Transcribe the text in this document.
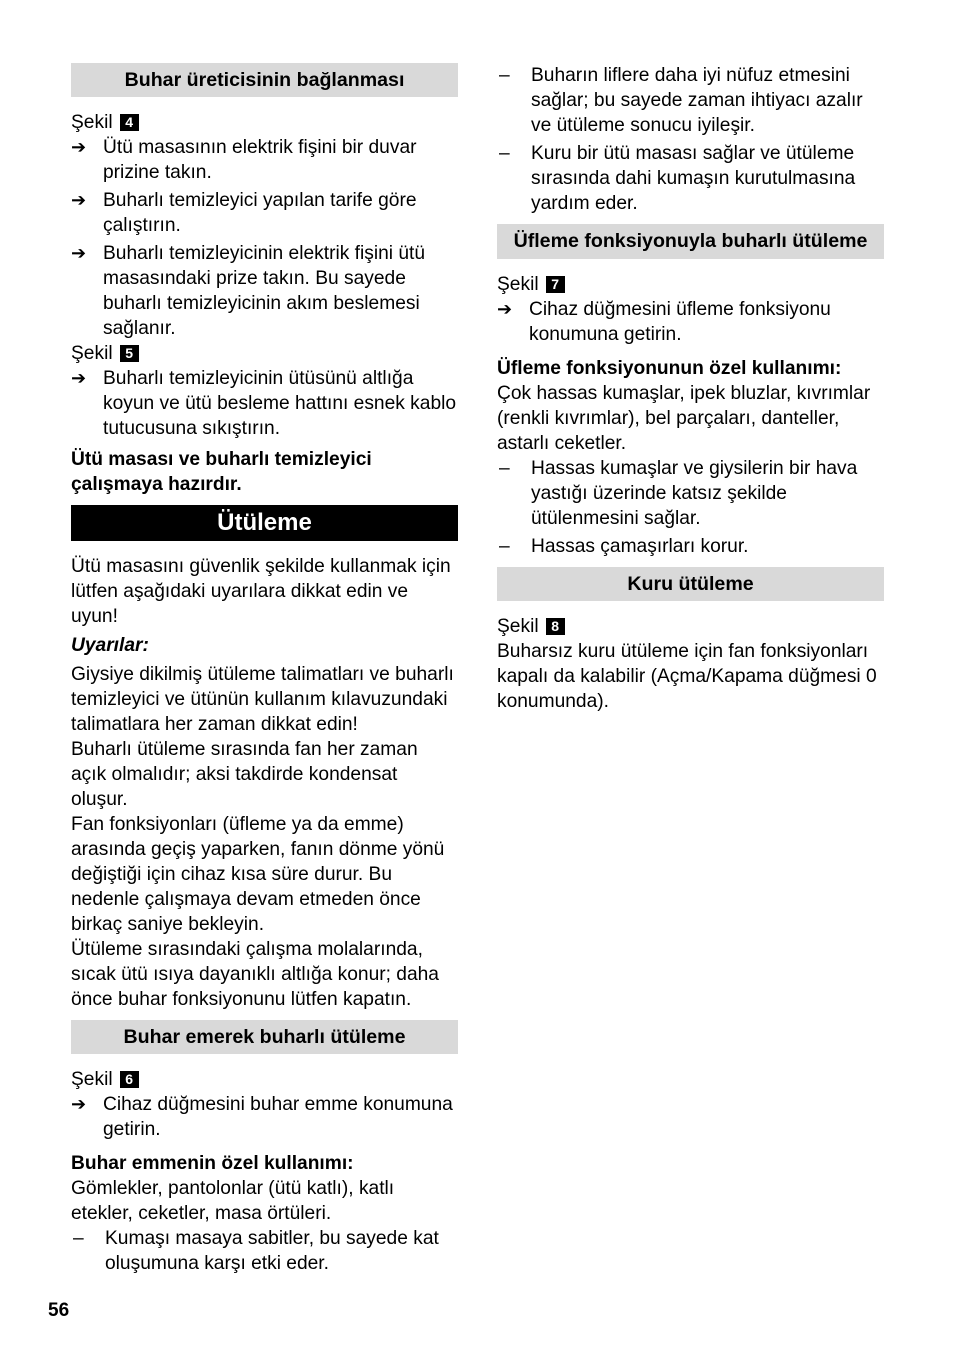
Buhar üreticisinin bağlanması
Şekil 4
➔ Ütü masasının elektrik fişini bir duvar prizine takın.
➔ Buharlı temizleyici yapılan tarife göre çalıştırın.
➔ Buharlı temizleyicinin elektrik fişini ütü masasındaki prize takın. Bu sayede buharlı temizleyicinin akım beslemesi sağlanır.
Şekil 5
➔ Buharlı temizleyicinin ütüsünü altlığa koyun ve ütü besleme hattını esnek kablo tutucusuna sıkıştırın.
Ütü masası ve buharlı temizleyici çalışmaya hazırdır.
Ütüleme
Ütü masasını güvenlik şekilde kullanmak için lütfen aşağıdaki uyarılara dikkat edin ve uyun!
Uyarılar:
Giysiye dikilmiş ütüleme talimatları ve buharlı temizleyici ve ütünün kullanım kılavuzundaki talimatlara her zaman dikkat edin!
Buharlı ütüleme sırasında fan her zaman açık olmalıdır; aksi takdirde kondensat oluşur.
Fan fonksiyonları (üfleme ya da emme) arasında geçiş yaparken, fanın dönme yönü değiştiği için cihaz kısa süre durur. Bu nedenle çalışmaya devam etmeden önce birkaç saniye bekleyin.
Ütüleme sırasındaki çalışma molalarında, sıcak ütü ısıya dayanıklı altlığa konur; daha önce buhar fonksiyonunu lütfen kapatın.
Buhar emerek buharlı ütüleme
Şekil 6
➔ Cihaz düğmesini buhar emme konumuna getirin.
Buhar emmenin özel kullanımı:
Gömlekler, pantolonlar (ütü katlı), katlı etekler, ceketler, masa örtüleri.
–	Kumaşı masaya sabitler, bu sayede kat oluşumuna karşı etki eder.
–	Buharın liflere daha iyi nüfuz etmesini sağlar; bu sayede zaman ihtiyacı azalır ve ütüleme sonucu iyileşir.
–	Kuru bir ütü masası sağlar ve ütüleme sırasında dahi kumaşın kurutulmasına yardım eder.
Üfleme fonksiyonuyla buharlı ütüleme
Şekil 7
➔ Cihaz düğmesini üfleme fonksiyonu konumuna getirin.
Üfleme fonksiyonunun özel kullanımı:
Çok hassas kumaşlar, ipek bluzlar, kıvrımlar (renkli kıvrımlar), bel parçaları, danteller, astarlı ceketler.
–	Hassas kumaşlar ve giysilerin bir hava yastığı üzerinde katsız şekilde ütülenmesini sağlar.
–	Hassas çamaşırları korur.
Kuru ütüleme
Şekil 8
Buharsız kuru ütüleme için fan fonksiyonları kapalı da kalabilir (Açma/Kapama düğmesi 0 konumunda).
56
